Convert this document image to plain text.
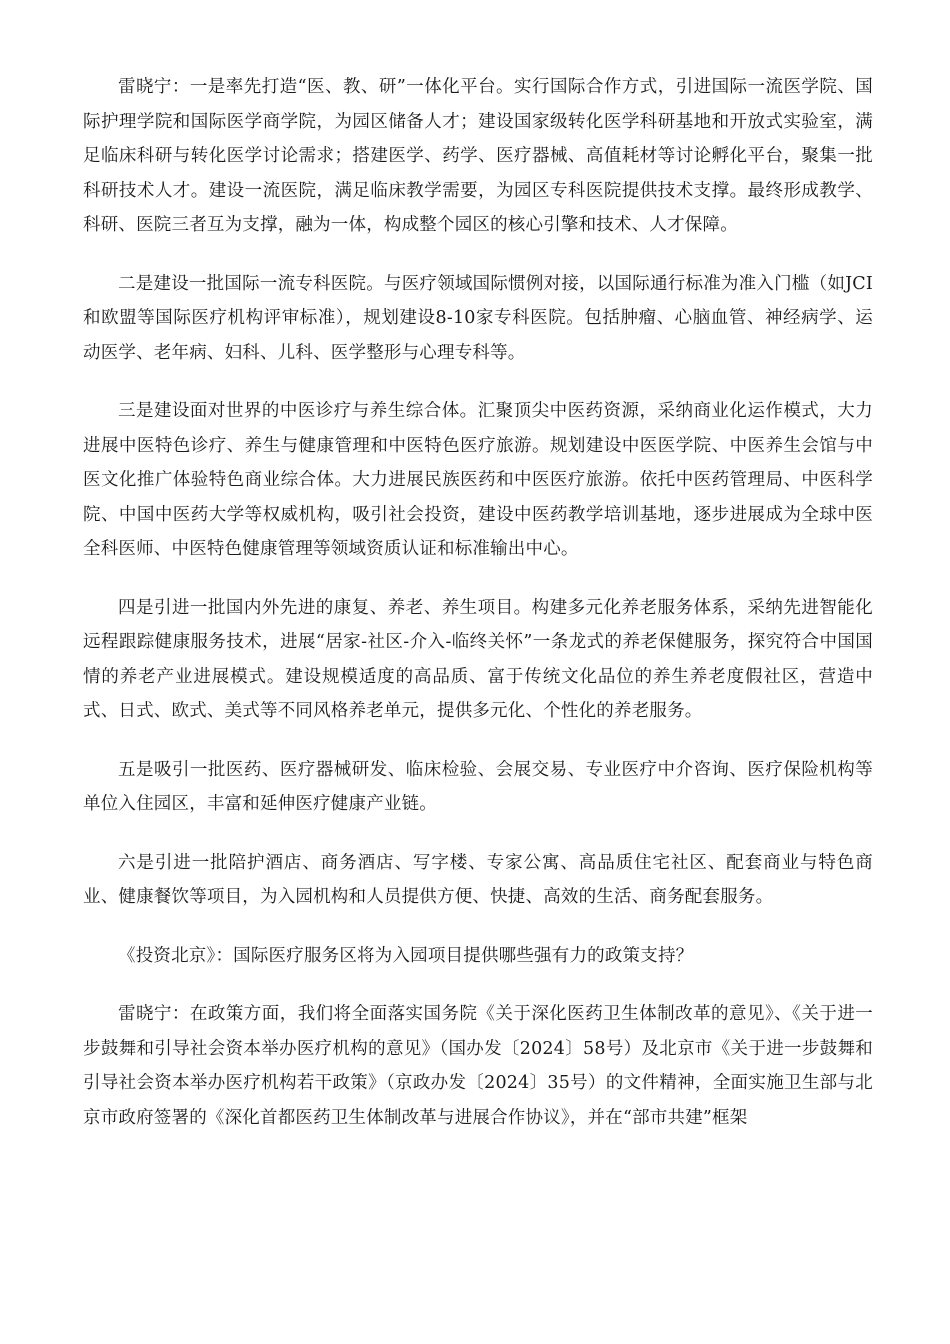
雷晓宁：一是率先打造“医、教、研”一体化平台。实行国际合作方式，引进国际一流医学院、国际护理学院和国际医学商学院，为园区储备人才；建设国家级转化医学科研基地和开放式实验室，满足临床科研与转化医学讨论需求；搭建医学、药学、医疗器械、高值耗材等讨论孵化平台，聚集一批科研技术人才。建设一流医院，满足临床教学需要，为园区专科医院提供技术支撑。最终形成教学、科研、医院三者互为支撑，融为一体，构成整个园区的核心引擎和技术、人才保障。

二是建设一批国际一流专科医院。与医疗领域国际惯例对接，以国际通行标准为准入门槛（如JCI和欧盟等国际医疗机构评审标准），规划建设8-10家专科医院。包括肿瘤、心脑血管、神经病学、运动医学、老年病、妇科、儿科、医学整形与心理专科等。

三是建设面对世界的中医诊疗与养生综合体。汇聚顶尖中医药资源，采纳商业化运作模式，大力进展中医特色诊疗、养生与健康管理和中医特色医疗旅游。规划建设中医医学院、中医养生会馆与中医文化推广体验特色商业综合体。大力进展民族医药和中医医疗旅游。依托中医药管理局、中医科学院、中国中医药大学等权威机构，吸引社会投资，建设中医药教学培训基地，逐步进展成为全球中医全科医师、中医特色健康管理等领域资质认证和标准输出中心。

四是引进一批国内外先进的康复、养老、养生项目。构建多元化养老服务体系，采纳先进智能化远程跟踪健康服务技术，进展“居家-社区-介入-临终关怀”一条龙式的养老保健服务，探究符合中国国情的养老产业进展模式。建设规模适度的高品质、富于传统文化品位的养生养老度假社区，营造中式、日式、欧式、美式等不同风格养老单元，提供多元化、个性化的养老服务。

五是吸引一批医药、医疗器械研发、临床检验、会展交易、专业医疗中介咨询、医疗保险机构等单位入住园区，丰富和延伸医疗健康产业链。

六是引进一批陪护酒店、商务酒店、写字楼、专家公寓、高品质住宅社区、配套商业与特色商业、健康餐饮等项目，为入园机构和人员提供方便、快捷、高效的生活、商务配套服务。

《投资北京》：国际医疗服务区将为入园项目提供哪些强有力的政策支持？

雷晓宁：在政策方面，我们将全面落实国务院《关于深化医药卫生体制改革的意见》、《关于进一步鼓舞和引导社会资本举办医疗机构的意见》（国办发〔2024〕58号）及北京市《关于进一步鼓舞和引导社会资本举办医疗机构若干政策》（京政办发〔2024〕35号）的文件精神，全面实施卫生部与北京市政府签署的《深化首都医药卫生体制改革与进展合作协议》，并在“部市共建”框架
